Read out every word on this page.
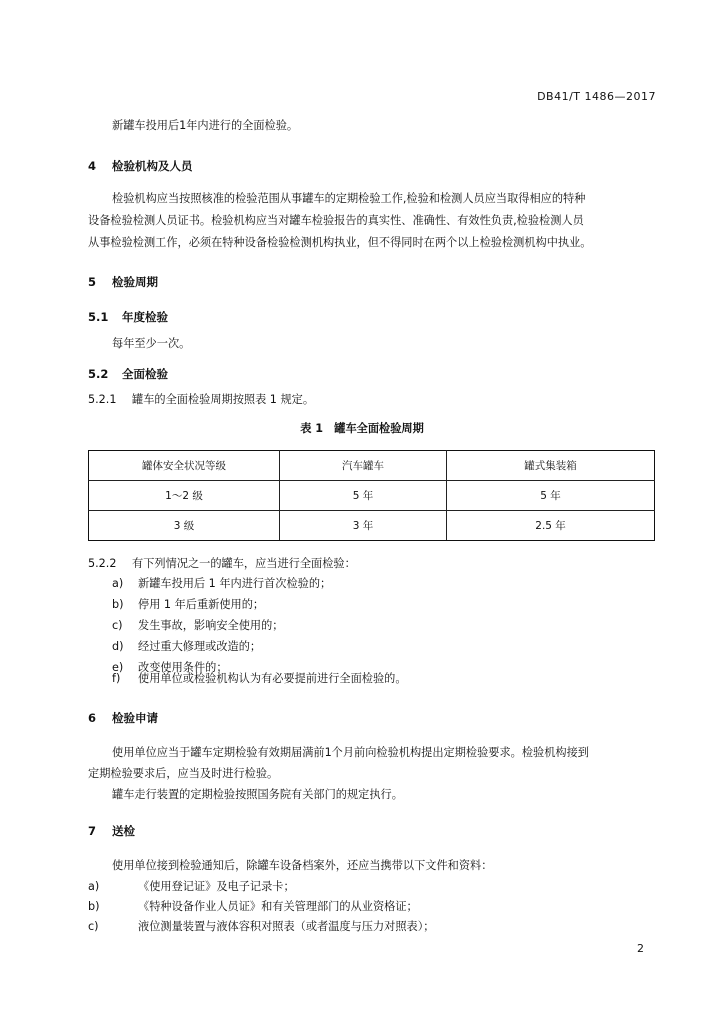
DB41/T 1486—2017
新罐车投用后1年内进行的全面检验。
4 检验机构及人员
检验机构应当按照核准的检验范围从事罐车的定期检验工作,检验和检测人员应当取得相应的特种
设备检验检测人员证书。检验机构应当对罐车检验报告的真实性、准确性、有效性负责,检验检测人员
从事检验检测工作，必须在特种设备检验检测机构执业，但不得同时在两个以上检验检测机构中执业。
5 检验周期
5.1 年度检验
每年至少一次。
5.2 全面检验
5.2.1 罐车的全面检验周期按照表 1 规定。
表 1　罐车全面检验周期
罐体安全状况等级	汽车罐车	罐式集装箱
1～2 级	5 年	5 年
3 级	3 年	2.5 年
5.2.2 有下列情况之一的罐车，应当进行全面检验：
a) 新罐车投用后 1 年内进行首次检验的；
b) 停用 1 年后重新使用的；
c) 发生事故，影响安全使用的；
d) 经过重大修理或改造的；
e) 改变使用条件的；
f) 使用单位或检验机构认为有必要提前进行全面检验的。
6 检验申请
使用单位应当于罐车定期检验有效期届满前1个月前向检验机构提出定期检验要求。检验机构接到
定期检验要求后，应当及时进行检验。
罐车走行装置的定期检验按照国务院有关部门的规定执行。
7 送检
使用单位接到检验通知后，除罐车设备档案外，还应当携带以下文件和资料：
a)	《使用登记证》及电子记录卡；
b)	《特种设备作业人员证》和有关管理部门的从业资格证；
c)	液位测量装置与液体容积对照表（或者温度与压力对照表）；
2
